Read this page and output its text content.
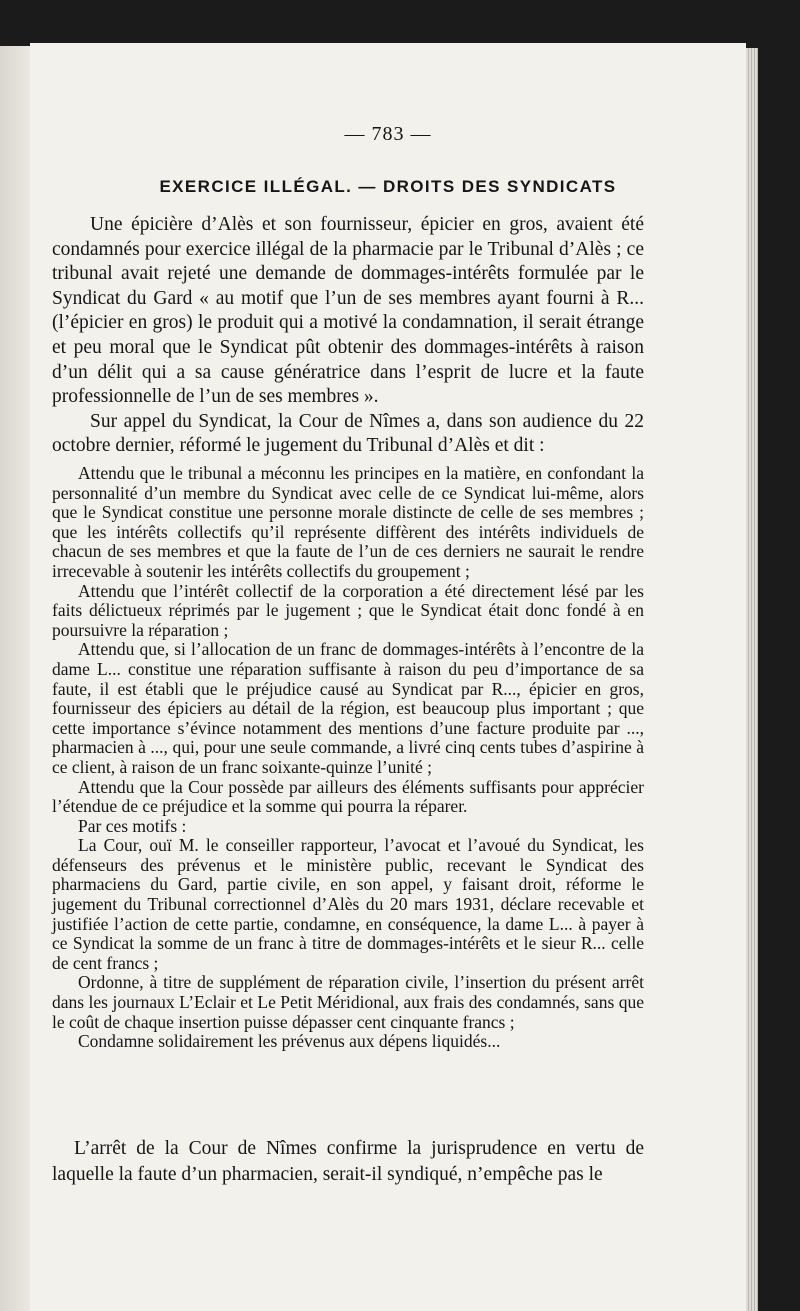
— 783 —
EXERCICE ILLÉGAL. — DROITS DES SYNDICATS

Une épicière d’Alès et son fournisseur, épicier en gros, avaient été condamnés pour exercice illégal de la pharmacie par le Tribunal d’Alès ; ce tribunal avait rejeté une demande de dommages-intérêts formulée par le Syndicat du Gard « au motif que l’un de ses membres ayant fourni à R... (l’épicier en gros) le produit qui a motivé la condamnation, il serait étrange et peu moral que le Syndicat pût obtenir des dommages-intérêts à raison d’un délit qui a sa cause génératrice dans l’esprit de lucre et la faute professionnelle de l’un de ses membres ».

Sur appel du Syndicat, la Cour de Nîmes a, dans son audience du 22 octobre dernier, réformé le jugement du Tribunal d’Alès et dit :

Attendu que le tribunal a méconnu les principes en la matière, en confondant la personnalité d’un membre du Syndicat avec celle de ce Syndicat lui-même, alors que le Syndicat constitue une personne morale distincte de celle de ses membres ; que les intérêts collectifs qu’il représente diffèrent des intérêts individuels de chacun de ses membres et que la faute de l’un de ces derniers ne saurait le rendre irrecevable à soutenir les intérêts collectifs du groupement ;

Attendu que l’intérêt collectif de la corporation a été directement lésé par les faits délictueux réprimés par le jugement ; que le Syndicat était donc fondé à en poursuivre la réparation ;

Attendu que, si l’allocation de un franc de dommages-intérêts à l’encontre de la dame L... constitue une réparation suffisante à raison du peu d’importance de sa faute, il est établi que le préjudice causé au Syndicat par R..., épicier en gros, fournisseur des épiciers au détail de la région, est beaucoup plus important ; que cette importance s’évince notamment des mentions d’une facture produite par ..., pharmacien à ..., qui, pour une seule commande, a livré cinq cents tubes d’aspirine à ce client, à raison de un franc soixante-quinze l’unité ;

Attendu que la Cour possède par ailleurs des éléments suffisants pour apprécier l’étendue de ce préjudice et la somme qui pourra la réparer.

Par ces motifs :

La Cour, ouï M. le conseiller rapporteur, l’avocat et l’avoué du Syndicat, les défenseurs des prévenus et le ministère public, recevant le Syndicat des pharmaciens du Gard, partie civile, en son appel, y faisant droit, réforme le jugement du Tribunal correctionnel d’Alès du 20 mars 1931, déclare recevable et justifiée l’action de cette partie, condamne, en conséquence, la dame L... à payer à ce Syndicat la somme de un franc à titre de dommages-intérêts et le sieur R... celle de cent francs ;

Ordonne, à titre de supplément de réparation civile, l’insertion du présent arrêt dans les journaux L’Eclair et Le Petit Méridional, aux frais des condamnés, sans que le coût de chaque insertion puisse dépasser cent cinquante francs ;

Condamne solidairement les prévenus aux dépens liquidés...

L’arrêt de la Cour de Nîmes confirme la jurisprudence en vertu de laquelle la faute d’un pharmacien, serait-il syndiqué, n’empêche pas le
